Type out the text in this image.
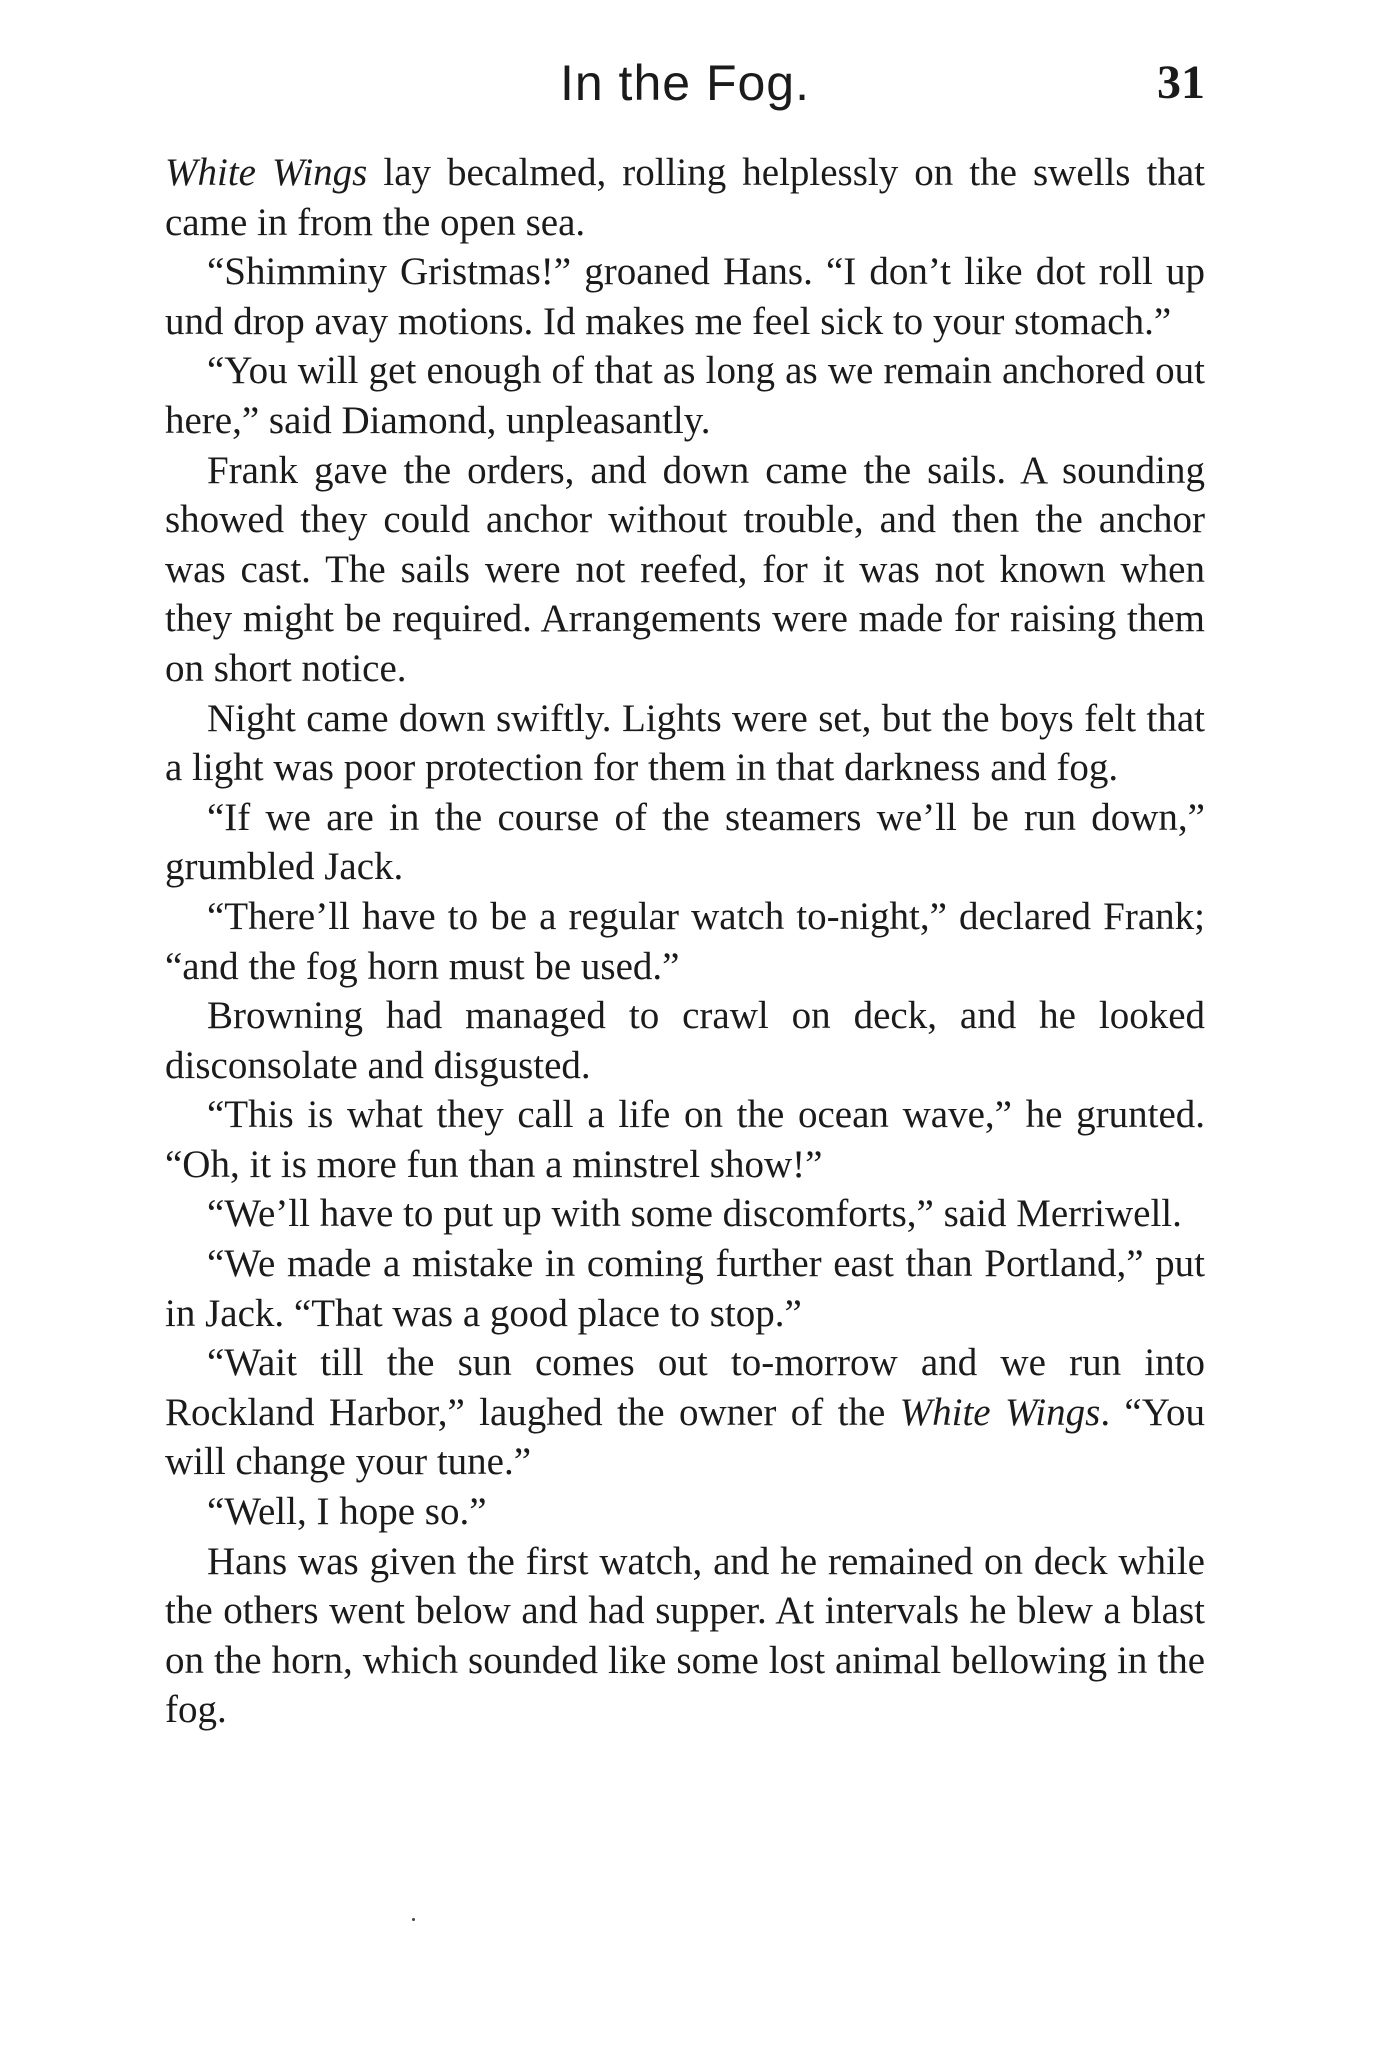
In the Fog.	31

White Wings lay becalmed, rolling helplessly on the swells that came in from the open sea.

“Shimminy Gristmas!” groaned Hans. “I don’t like dot roll up und drop avay motions. Id makes me feel sick to your stomach.”

“You will get enough of that as long as we remain anchored out here,” said Diamond, unpleasantly.

Frank gave the orders, and down came the sails. A sounding showed they could anchor without trouble, and then the anchor was cast. The sails were not reefed, for it was not known when they might be required. Arrangements were made for raising them on short notice.

Night came down swiftly. Lights were set, but the boys felt that a light was poor protection for them in that darkness and fog.

“If we are in the course of the steamers we’ll be run down,” grumbled Jack.

“There’ll have to be a regular watch to-night,” declared Frank; “and the fog horn must be used.”

Browning had managed to crawl on deck, and he looked disconsolate and disgusted.

“This is what they call a life on the ocean wave,” he grunted. “Oh, it is more fun than a minstrel show!”

“We’ll have to put up with some discomforts,” said Merriwell.

“We made a mistake in coming further east than Portland,” put in Jack. “That was a good place to stop.”

“Wait till the sun comes out to-morrow and we run into Rockland Harbor,” laughed the owner of the White Wings. “You will change your tune.”

“Well, I hope so.”

Hans was given the first watch, and he remained on deck while the others went below and had supper. At intervals he blew a blast on the horn, which sounded like some lost animal bellowing in the fog.
